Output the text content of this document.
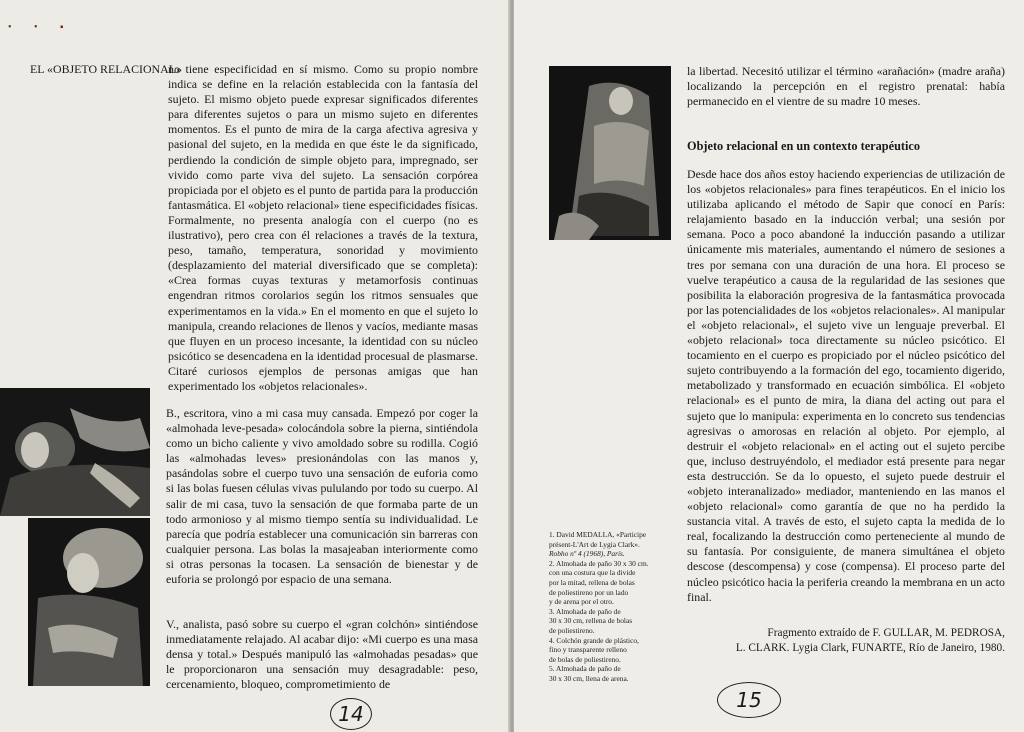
• • ▪
EL «OBJETO RELACIONAL»
no tiene especificidad en sí mismo. Como su propio nombre indica se define en la relación establecida con la fantasía del sujeto. El mismo objeto puede expresar significados diferentes para diferentes sujetos o para un mismo sujeto en diferentes momentos. Es el punto de mira de la carga afectiva agresiva y pasional del sujeto, en la medida en que éste le da significado, perdiendo la condición de simple objeto para, impregnado, ser vivido como parte viva del sujeto. La sensación corpórea propiciada por el objeto es el punto de partida para la producción fantasmática. El «objeto relacional» tiene especificidades físicas. Formalmente, no presenta analogía con el cuerpo (no es ilustrativo), pero crea con él relaciones a través de la textura, peso, tamaño, temperatura, sonoridad y movimiento (desplazamiento del material diversificado que se completa): «Crea formas cuyas texturas y metamorfosis continuas engendran ritmos corolarios según los ritmos sensuales que experimentamos en la vida.» En el momento en que el sujeto lo manipula, creando relaciones de llenos y vacíos, mediante masas que fluyen en un proceso incesante, la identidad con su núcleo psicótico se desencadena en la identidad procesual de plasmarse. Citaré curiosos ejemplos de personas amigas que han experimentado los «objetos relacionales».
B., escritora, vino a mi casa muy cansada. Empezó por coger la «almohada leve-pesada» colocándola sobre la pierna, sintiéndola como un bicho caliente y vivo amoldado sobre su rodilla. Cogió las «almohadas leves» presionándolas con las manos y, pasándolas sobre el cuerpo tuvo una sensación de euforia como si las bolas fuesen células vivas pululando por todo su cuerpo. Al salir de mi casa, tuvo la sensación de que formaba parte de un todo armonioso y al mismo tiempo sentía su individualidad. Le parecía que podría establecer una comunicación sin barreras con cualquier persona. Las bolas la masajeaban interiormente como si otras personas la tocasen. La sensación de bienestar y de euforia se prolongó por espacio de una semana.
V., analista, pasó sobre su cuerpo el «gran colchón» sintiéndose inmediatamente relajado. Al acabar dijo: «Mi cuerpo es una masa densa y total.» Después manipuló las «almohadas pesadas» que le proporcionaron una sensación muy desagradable: peso, cercenamiento, bloqueo, comprometimiento de
14
la libertad. Necesitó utilizar el término «arañación» (madre araña) localizando la percepción en el registro prenatal: había permanecido en el vientre de su madre 10 meses.
Objeto relacional en un contexto terapéutico
Desde hace dos años estoy haciendo experiencias de utilización de los «objetos relacionales» para fines terapéuticos. En el inicio los utilizaba aplicando el método de Sapir que conocí en París: relajamiento basado en la inducción verbal; una sesión por semana. Poco a poco abandoné la inducción pasando a utilizar únicamente mis materiales, aumentando el número de sesiones a tres por semana con una duración de una hora. El proceso se vuelve terapéutico a causa de la regularidad de las sesiones que posibilita la elaboración progresiva de la fantasmática provocada por las potencialidades de los «objetos relacionales». Al manipular el «objeto relacional», el sujeto vive un lenguaje preverbal. El «objeto relacional» toca directamente su núcleo psicótico. El tocamiento en el cuerpo es propiciado por el núcleo psicótico del sujeto contribuyendo a la formación del ego, tocamiento digerido, metabolizado y transformado en ecuación simbólica. El «objeto relacional» es el punto de mira, la diana del acting out para el sujeto que lo manipula: experimenta en lo concreto sus tendencias agresivas o amorosas en relación al objeto. Por ejemplo, al destruir el «objeto relacional» en el acting out el sujeto percibe que, incluso destruyéndolo, el mediador está presente para negar esta destrucción. Se da lo opuesto, el sujeto puede destruir el «objeto interanalizado» mediador, manteniendo en las manos el «objeto relacional» como garantía de que no ha perdido la sustancia vital. A través de esto, el sujeto capta la medida de lo real, focalizando la destrucción como perteneciente al mundo de su fantasía. Por consiguiente, de manera simultánea el objeto descose (descompensa) y cose (compensa). El proceso parte del núcleo psicótico hacia la periferia creando la membrana en un acto final.
Fragmento extraído de F. GULLAR, M. PEDROSA,
L. CLARK. Lygia Clark, FUNARTE, Río de Janeiro, 1980.
1. David MEDALLA, «Participe
présent-L'Art de Lygia Clark».
Robho nº 4 (1968), París.
2. Almohada de paño 30 x 30 cm.
con una costura que la divide
por la mitad, rellena de bolas
de poliestireno por un lado
y de arena por el otro.
3. Almohada de paño de
30 x 30 cm, rellena de bolas
de poliestireno.
4. Colchón grande de plástico,
fino y transparente relleno
de bolas de poliestireno.
5. Almohada de paño de
30 x 30 cm, llena de arena.
15
